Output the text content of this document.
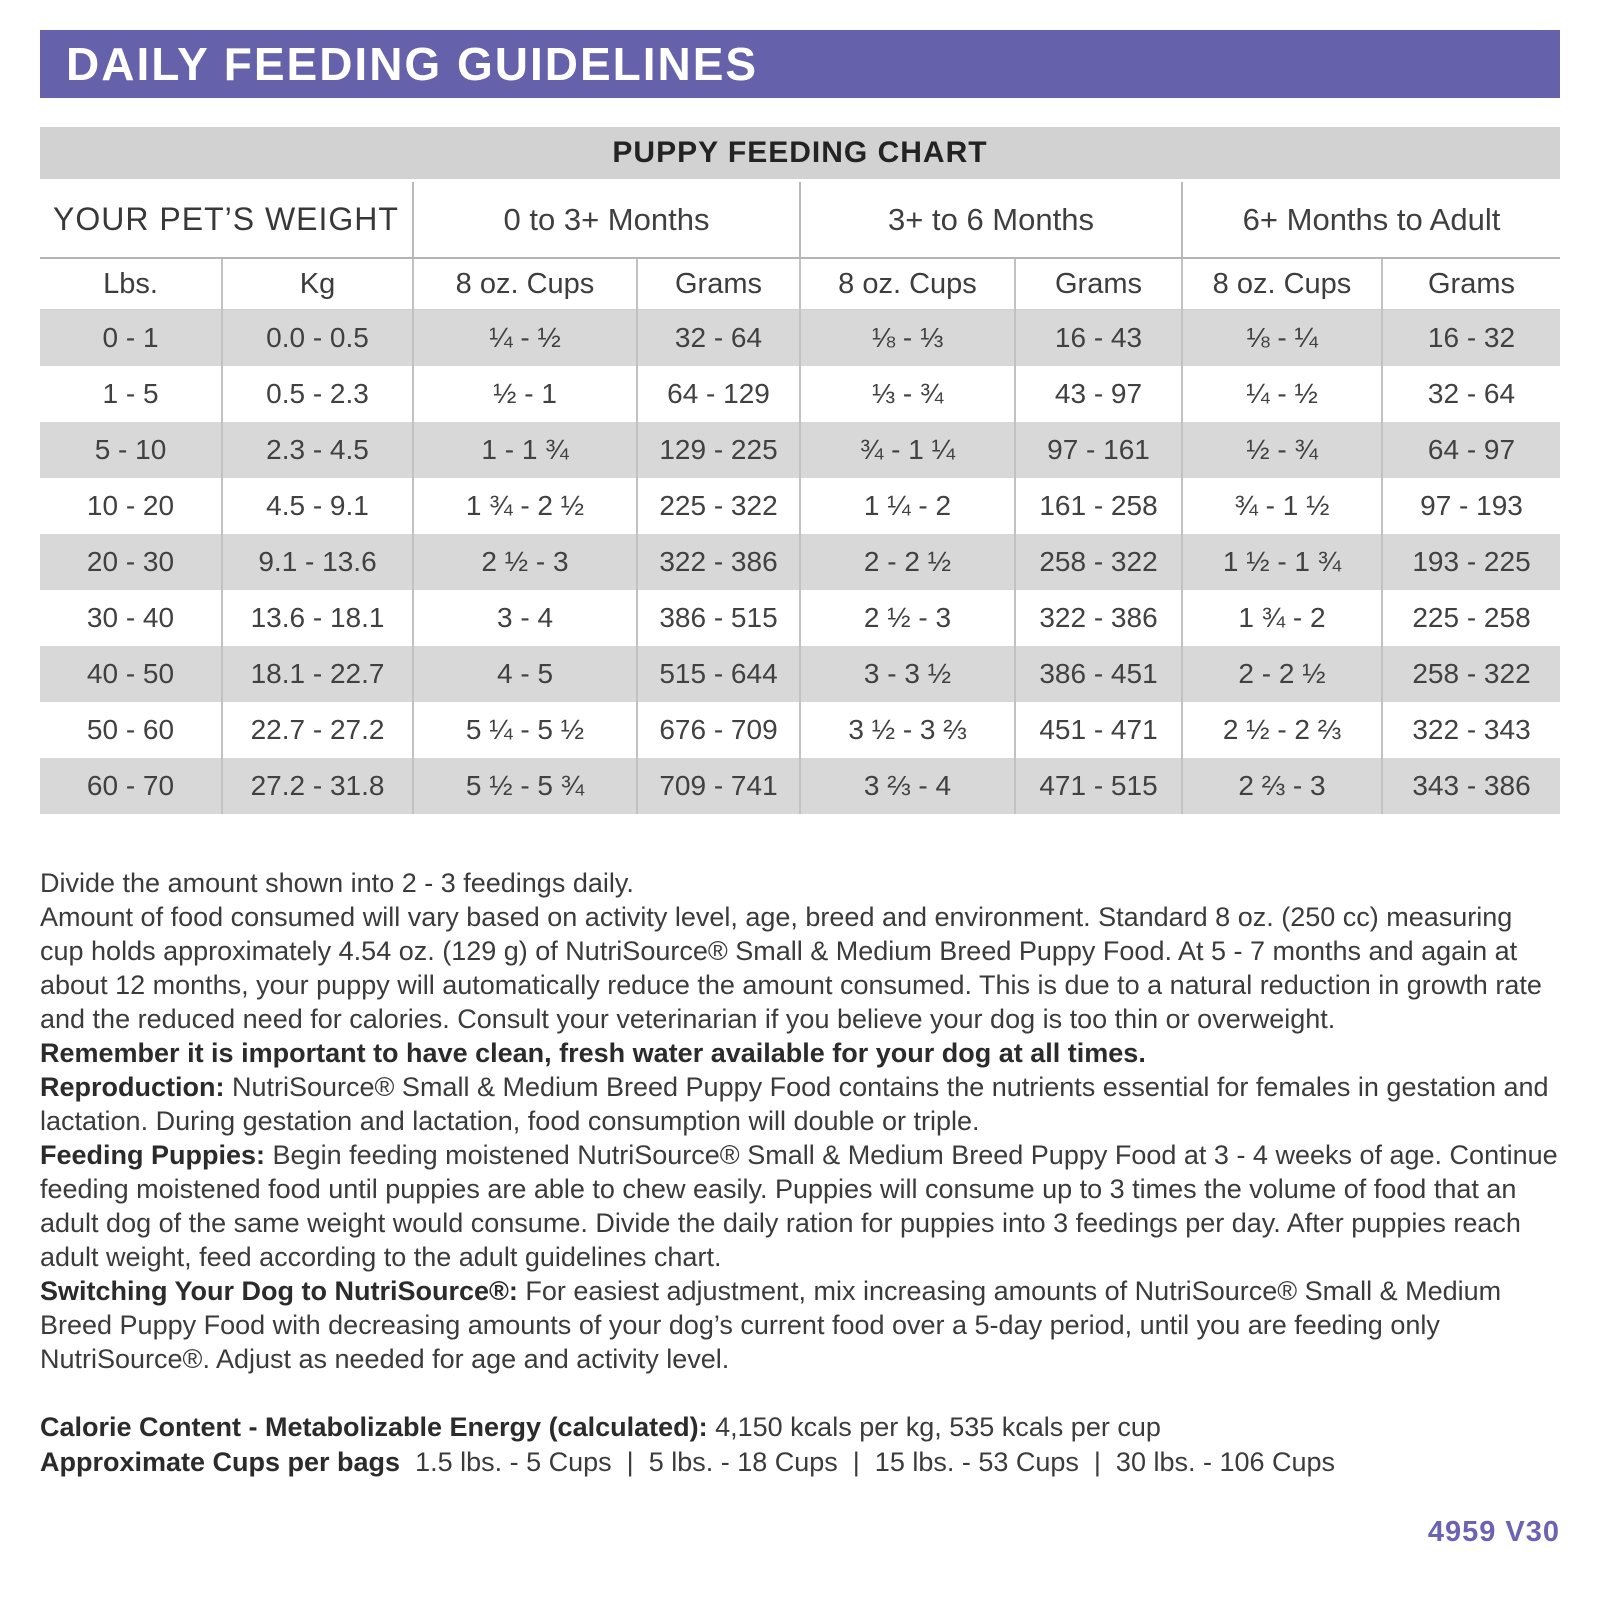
DAILY FEEDING GUIDELINES
PUPPY FEEDING CHART
YOUR PET’S WEIGHT		0 to 3+ Months		3+ to 6 Months		6+ Months to Adult	
Lbs.	Kg	8 oz. Cups	Grams	8 oz. Cups	Grams	8 oz. Cups	Grams
0 - 1	0.0 - 0.5	¼ - ½	32 - 64	⅛ - ⅓	16 - 43	⅛ - ¼	16 - 32
1 - 5	0.5 - 2.3	½ - 1	64 - 129	⅓ - ¾	43 - 97	¼ - ½	32 - 64
5 - 10	2.3 - 4.5	1 - 1 ¾	129 - 225	¾ - 1 ¼	97 - 161	½ - ¾	64 - 97
10 - 20	4.5 - 9.1	1 ¾ - 2 ½	225 - 322	1 ¼ - 2	161 - 258	¾ - 1 ½	97 - 193
20 - 30	9.1 - 13.6	2 ½ - 3	322 - 386	2 - 2 ½	258 - 322	1 ½ - 1 ¾	193 - 225
30 - 40	13.6 - 18.1	3 - 4	386 - 515	2 ½ - 3	322 - 386	1 ¾ - 2	225 - 258
40 - 50	18.1 - 22.7	4 - 5	515 - 644	3 - 3 ½	386 - 451	2 - 2 ½	258 - 322
50 - 60	22.7 - 27.2	5 ¼ - 5 ½	676 - 709	3 ½ - 3 ⅔	451 - 471	2 ½ - 2 ⅔	322 - 343
60 - 70	27.2 - 31.8	5 ½ - 5 ¾	709 - 741	3 ⅔ - 4	471 - 515	2 ⅔ - 3	343 - 386

Divide the amount shown into 2 - 3 feedings daily.

Amount of food consumed will vary based on activity level, age, breed and environment. Standard 8 oz. (250 cc) measuring cup holds approximately 4.54 oz. (129 g) of NutriSource® Small & Medium Breed Puppy Food. At 5 - 7 months and again at about 12 months, your puppy will automatically reduce the amount consumed. This is due to a natural reduction in growth rate and the reduced need for calories. Consult your veterinarian if you believe your dog is too thin or overweight.

Remember it is important to have clean, fresh water available for your dog at all times.

Reproduction: NutriSource® Small & Medium Breed Puppy Food contains the nutrients essential for females in gestation and lactation. During gestation and lactation, food consumption will double or triple.

Feeding Puppies: Begin feeding moistened NutriSource® Small & Medium Breed Puppy Food at 3 - 4 weeks of age. Continue feeding moistened food until puppies are able to chew easily. Puppies will consume up to 3 times the volume of food that an adult dog of the same weight would consume. Divide the daily ration for puppies into 3 feedings per day. After puppies reach adult weight, feed according to the adult guidelines chart.

Switching Your Dog to NutriSource®: For easiest adjustment, mix increasing amounts of NutriSource® Small & Medium Breed Puppy Food with decreasing amounts of your dog’s current food over a 5-day period, until you are feeding only NutriSource®. Adjust as needed for age and activity level.

Calorie Content - Metabolizable Energy (calculated): 4,150 kcals per kg, 535 kcals per cup

Approximate Cups per bags  1.5 lbs. - 5 Cups  |  5 lbs. - 18 Cups  |  15 lbs. - 53 Cups  |  30 lbs. - 106 Cups

4959 V30
